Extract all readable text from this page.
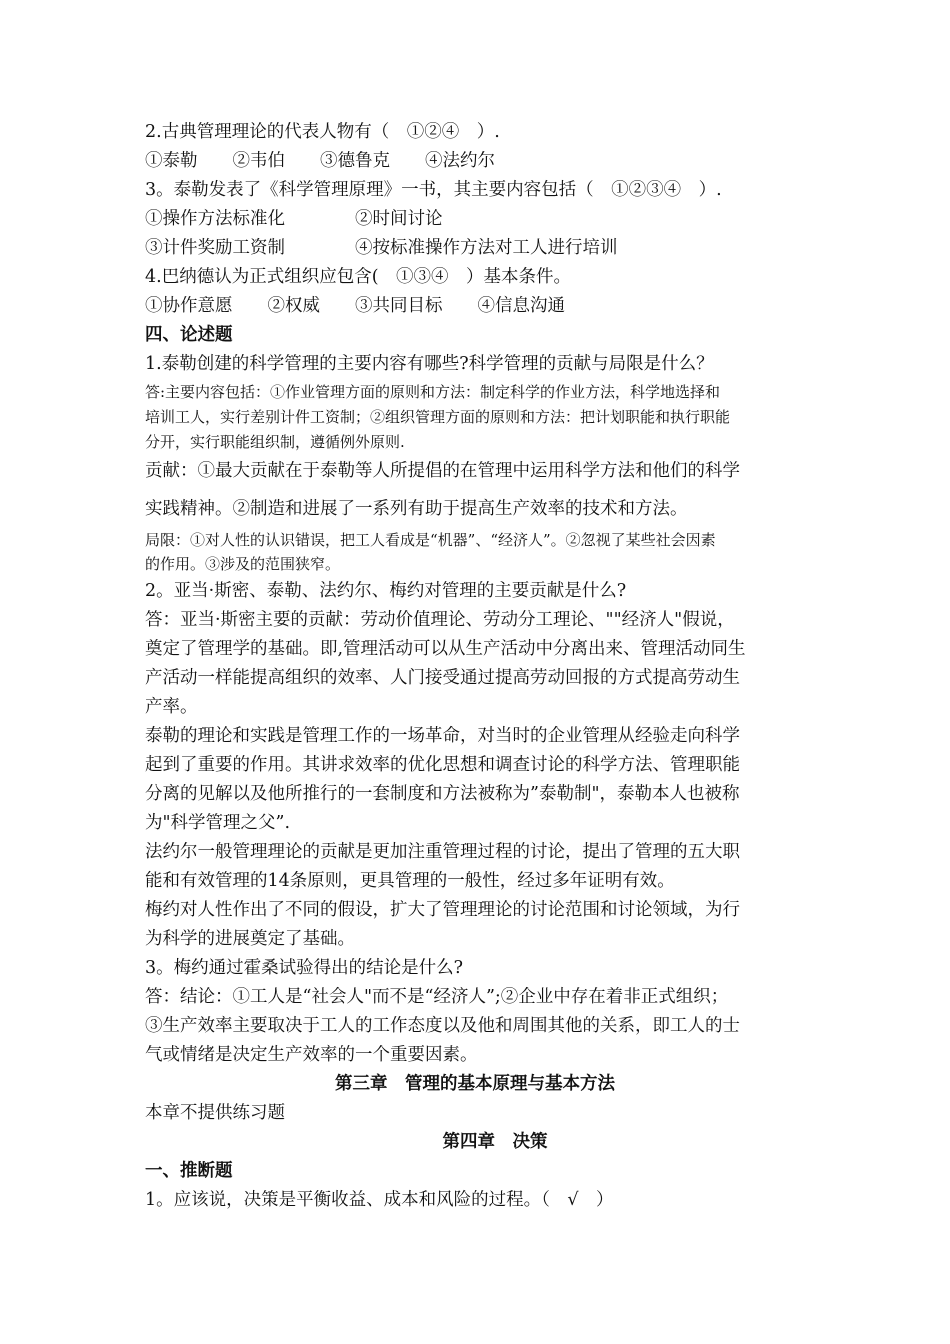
2.古典管理理论的代表人物有（　①②④　）.
①泰勒　　②韦伯　　③德鲁克　　④法约尔
3。泰勒发表了《科学管理原理》一书，其主要内容包括（　①②③④　）.
①操作方法标准化　　　　②时间讨论
③计件奖励工资制　　　　④按标准操作方法对工人进行培训
4.巴纳德认为正式组织应包含(　①③④　）基本条件。
①协作意愿　　②权威　　③共同目标　　④信息沟通
四、论述题
1.泰勒创建的科学管理的主要内容有哪些?科学管理的贡献与局限是什么？
答:主要内容包括：①作业管理方面的原则和方法：制定科学的作业方法，科学地选择和
培训工人，实行差别计件工资制；②组织管理方面的原则和方法：把计划职能和执行职能
分开，实行职能组织制，遵循例外原则.
贡献：①最大贡献在于泰勒等人所提倡的在管理中运用科学方法和他们的科学
实践精神。②制造和进展了一系列有助于提高生产效率的技术和方法。
局限：①对人性的认识错误，把工人看成是“机器”、“经济人”。②忽视了某些社会因素
的作用。③涉及的范围狭窄。
2。亚当·斯密、泰勒、法约尔、梅约对管理的主要贡献是什么?
答：亚当·斯密主要的贡献：劳动价值理论、劳动分工理论、""经济人"假说，
奠定了管理学的基础。即,管理活动可以从生产活动中分离出来、管理活动同生
产活动一样能提高组织的效率、人门接受通过提高劳动回报的方式提高劳动生
产率。
泰勒的理论和实践是管理工作的一场革命，对当时的企业管理从经验走向科学
起到了重要的作用。其讲求效率的优化思想和调查讨论的科学方法、管理职能
分离的见解以及他所推行的一套制度和方法被称为”泰勒制"，泰勒本人也被称
为"科学管理之父”.
法约尔一般管理理论的贡献是更加注重管理过程的讨论，提出了管理的五大职
能和有效管理的14条原则，更具管理的一般性，经过多年证明有效。
梅约对人性作出了不同的假设，扩大了管理理论的讨论范围和讨论领域，为行
为科学的进展奠定了基础。
3。梅约通过霍桑试验得出的结论是什么?
答：结论：①工人是“社会人"而不是“经济人”;②企业中存在着非正式组织；
③生产效率主要取决于工人的工作态度以及他和周围其他的关系，即工人的士
气或情绪是决定生产效率的一个重要因素。
第三章　管理的基本原理与基本方法
本章不提供练习题
第四章　决策
一、推断题
1。应该说，决策是平衡收益、成本和风险的过程。（　√　）
